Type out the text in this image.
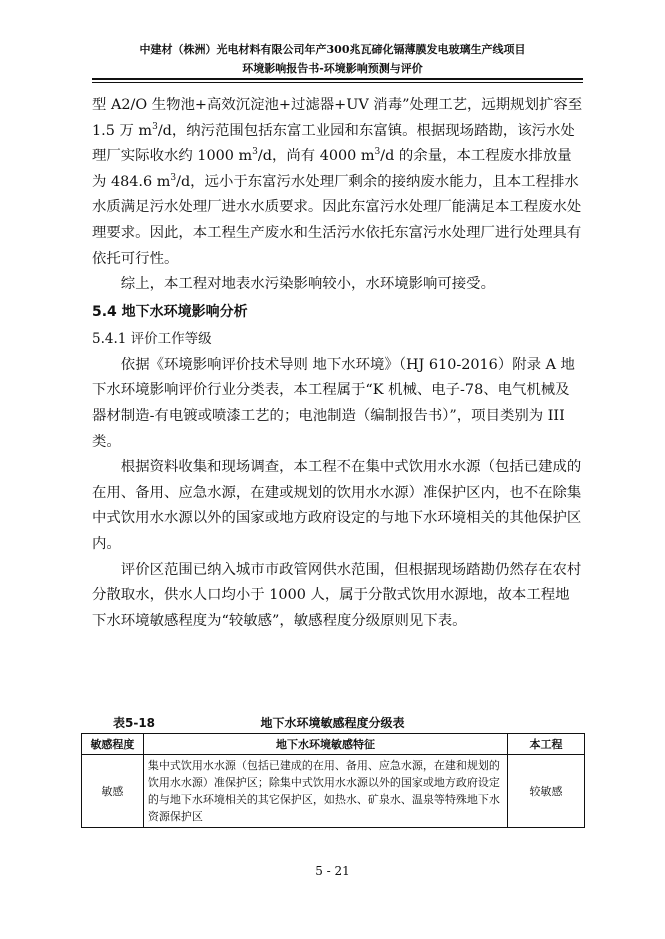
中建材（株洲）光电材料有限公司年产300兆瓦碲化镉薄膜发电玻璃生产线项目
环境影响报告书-环境影响预测与评价

型 A2/O 生物池+高效沉淀池+过滤器+UV 消毒”处理工艺，远期规划扩容至 1.5 万 $m^3/d$，纳污范围包括东富工业园和东富镇。根据现场踏勘，该污水处理厂实际收水约 1000 $m^3/d$，尚有 4000 $m^3/d$ 的余量，本工程废水排放量为 484.6 $m^3/d$，远小于东富污水处理厂剩余的接纳废水能力，且本工程排水水质满足污水处理厂进水水质要求。因此东富污水处理厂能满足本工程废水处理要求。因此，本工程生产废水和生活污水依托东富污水处理厂进行处理具有依托可行性。

综上，本工程对地表水污染影响较小，水环境影响可接受。

5.4 地下水环境影响分析

5.4.1 评价工作等级

依据《环境影响评价技术导则 地下水环境》（HJ 610-2016）附录 A 地下水环境影响评价行业分类表，本工程属于“K 机械、电子-78、电气机械及器材制造-有电镀或喷漆工艺的；电池制造（编制报告书）”，项目类别为 III 类。

根据资料收集和现场调查，本工程不在集中式饮用水水源（包括已建成的在用、备用、应急水源，在建或规划的饮用水水源）准保护区内，也不在除集中式饮用水水源以外的国家或地方政府设定的与地下水环境相关的其他保护区内。

评价区范围已纳入城市市政管网供水范围，但根据现场踏勘仍然存在农村分散取水，供水人口均小于 1000 人，属于分散式饮用水源地，故本工程地下水环境敏感程度为“较敏感”，敏感程度分级原则见下表。

地下水环境敏感程度分级表
表5-18
敏感程度	地下水环境敏感特征	本工程
敏感	集中式饮用水水源（包括已建成的在用、备用、应急水源，在建和规划的饮用水水源）准保护区；除集中式饮用水水源以外的国家或地方政府设定的与地下水环境相关的其它保护区，如热水、矿泉水、温泉等特殊地下水资源保护区	较敏感
5 - 21
